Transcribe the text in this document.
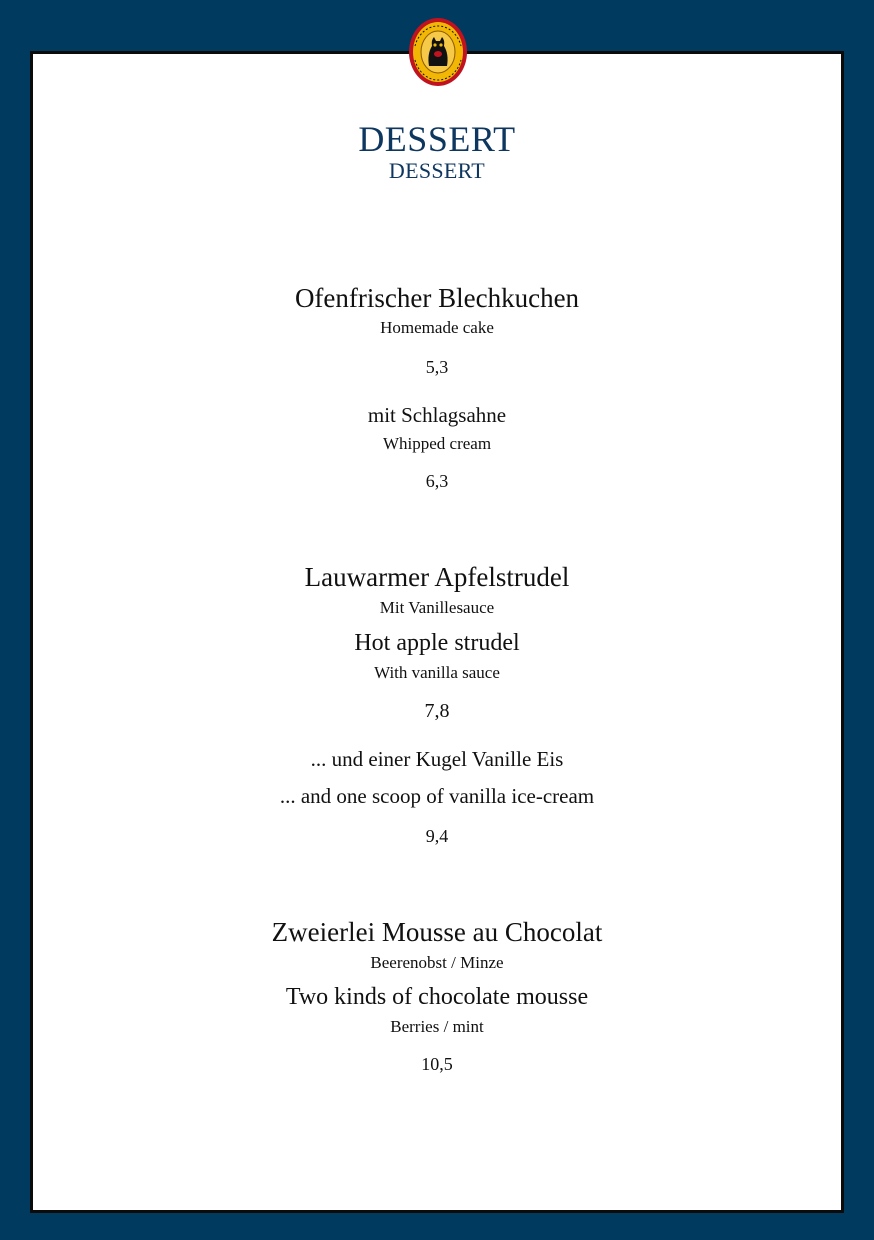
DESSERT
DESSERT
Ofenfrischer Blechkuchen
Homemade cake
5,3
mit Schlagsahne
Whipped cream
6,3
Lauwarmer Apfelstrudel
Mit Vanillesauce
Hot apple strudel
With vanilla sauce
7,8
... und einer Kugel Vanille Eis
... and one scoop of vanilla ice-cream
9,4
Zweierlei Mousse au Chocolat
Beerenobst / Minze
Two kinds of chocolate mousse
Berries / mint
10,5
